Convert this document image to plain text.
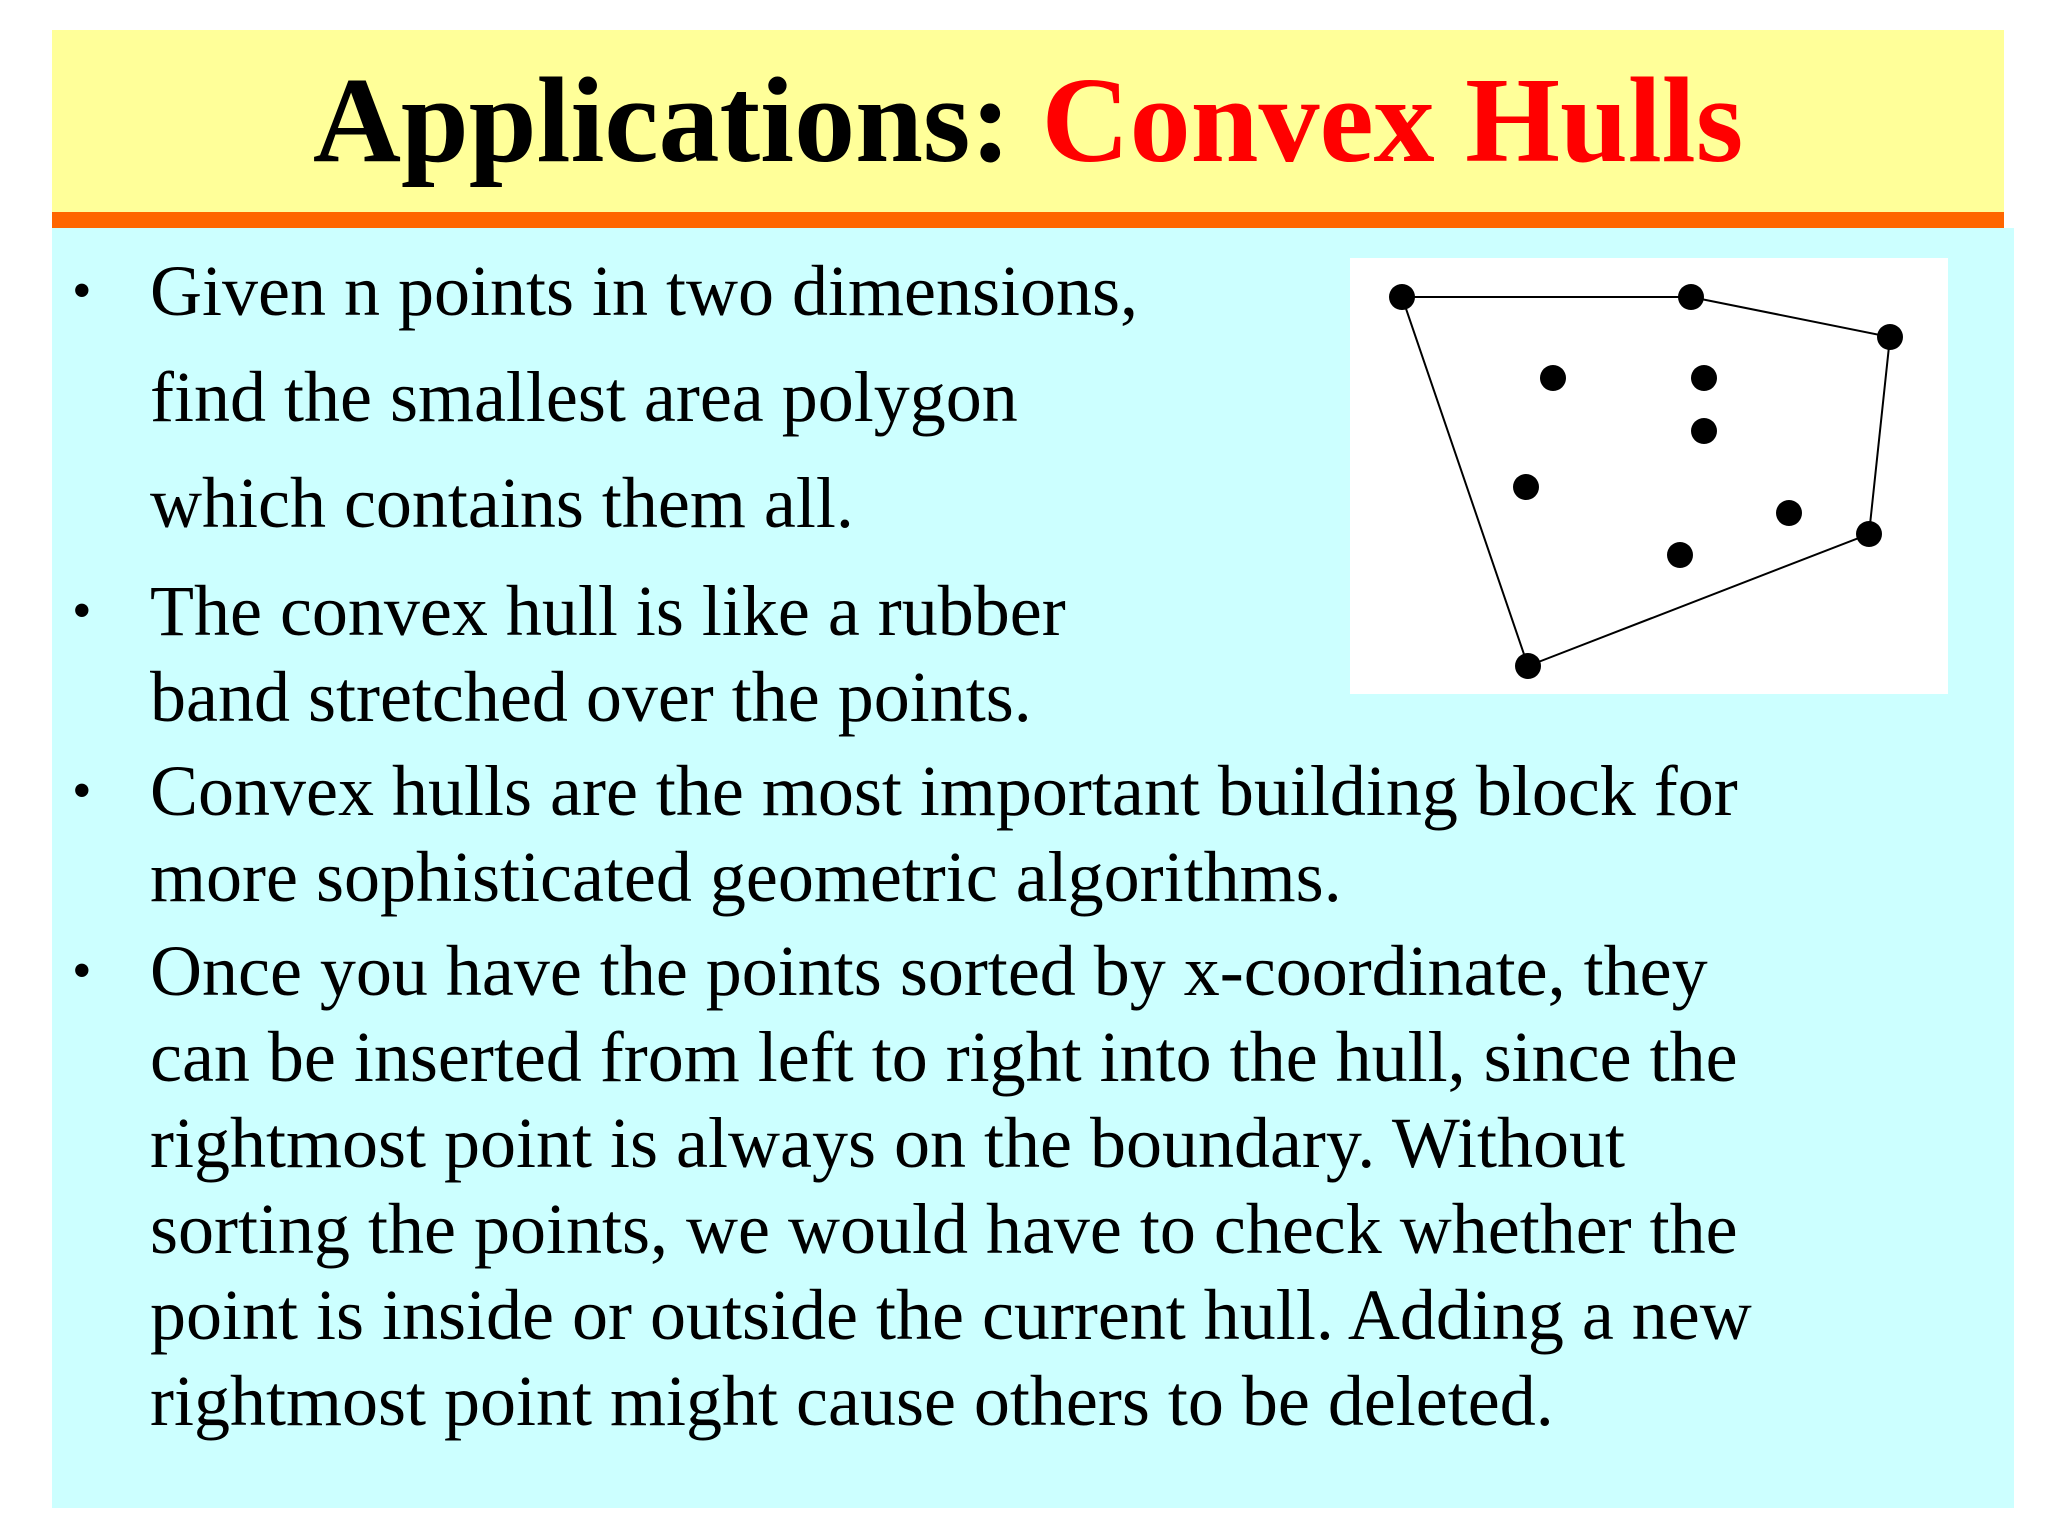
Applications: Convex Hulls
• Given n points in two dimensions,
find the smallest area polygon
which contains them all.
• The convex hull is like a rubber
band stretched over the points.
• Convex hulls are the most important building block for
more sophisticated geometric algorithms.
• Once you have the points sorted by x-coordinate, they
can be inserted from left to right into the hull, since the
rightmost point is always on the boundary. Without
sorting the points, we would have to check whether the
point is inside or outside the current hull. Adding a new
rightmost point might cause others to be deleted.
